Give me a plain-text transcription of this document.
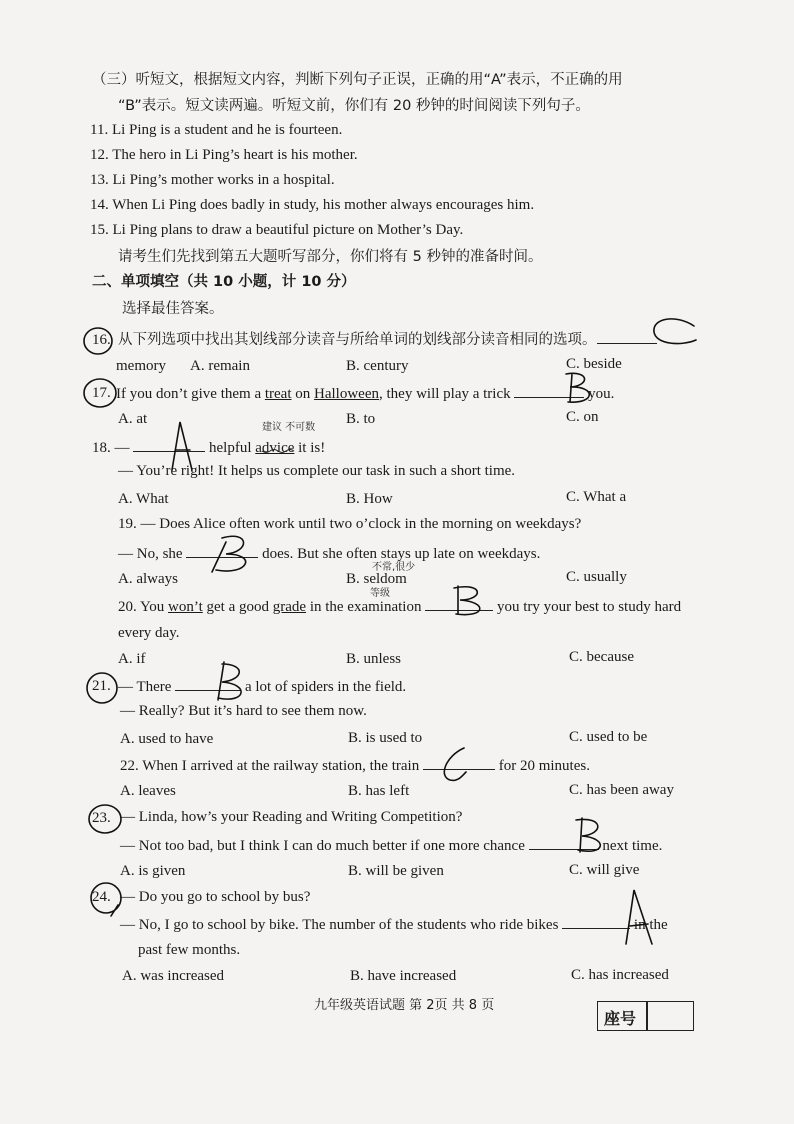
（三）听短文，根据短文内容，判断下列句子正误，正确的用“A”表示，不正确的用
“B”表示。短文读两遍。听短文前，你们有 20 秒钟的时间阅读下列句子。
11. Li Ping is a student and he is fourteen.
12. The hero in Li Ping’s heart is his mother.
13. Li Ping’s mother works in a hospital.
14. When Li Ping does badly in study, his mother always encourages him.
15. Li Ping plans to draw a beautiful picture on Mother’s Day.
请考生们先找到第五大题听写部分，你们将有 5 秒钟的准备时间。
二、单项填空（共 10 小题，计 10 分）
选择最佳答案。
16. 从下列选项中找出其划线部分读音与所给单词的划线部分读音相同的选项。
memory A. remain	B. century	C. beside
17. If you don’t give them a treat on Halloween, they will play a trick	you.
A. at	B. to	C. on
18. —	helpful advice it is!
— You’re right! It helps us complete our task in such a short time.
A. What	B. How	C. What a
19. — Does Alice often work until two o’clock in the morning on weekdays?
— No, she	does. But she often stays up late on weekdays.
A. always	B. seldom	C. usually
20. You won’t get a good grade in the examination	you try your best to study hard
every day.
A. if	B. unless	C. because
21. — There	a lot of spiders in the field.
— Really? But it’s hard to see them now.
A. used to have	B. is used to	C. used to be
22. When I arrived at the railway station, the train	for 20 minutes.
A. leaves	B. has left	C. has been away
23. — Linda, how’s your Reading and Writing Competition?
— Not too bad, but I think I can do much better if one more chance	next time.
A. is given	B. will be given	C. will give
24. — Do you go to school by bus?
— No, I go to school by bike. The number of the students who ride bikes	in the
past few months.
A. was increased	B. have increased	C. has increased
九年级英语试题 第 2页 共 8 页
座号
建议 不可数
不常,很少
等级
